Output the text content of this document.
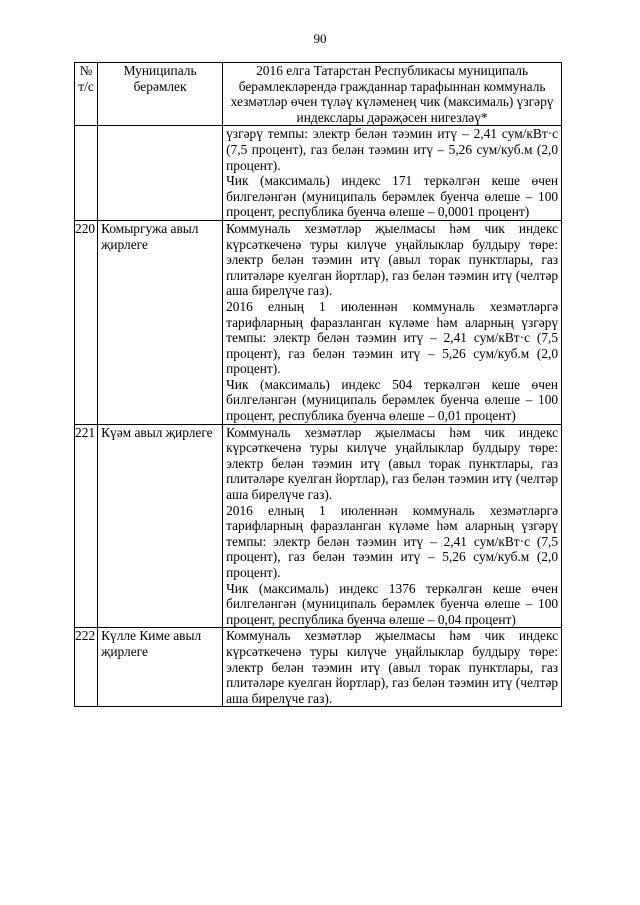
90
№ т/с	Муниципаль берәмлек	2016 елга Татарстан Республикасы муниципаль берәмлекләрендә гражданнар тарафыннан коммуналь хезмәтләр өчен түләү күләменең чик (максималь) үзгәрү индекслары дәрәҗәсен нигезләү*

		үзгәрү темпы: электр белән тәэмин итү – 2,41 сум/кВт·с (7,5 процент), газ белән тәэмин итү – 5,26 сум/куб.м (2,0 процент).

Чик (максималь) индекс 171 теркәлгән кеше өчен билгеләнгән (муниципаль берәмлек буенча өлеше – 100 процент, республика буенча өлеше – 0,0001 процент)

220	Комыргужа авыл җирлеге	Коммуналь хезмәтләр җыелмасы һәм чик индекс күрсәткеченә туры килүче уңайлыклар булдыру төре: электр белән тәэмин итү (авыл торак пунктлары, газ плитәләре куелган йортлар), газ белән тәэмин итү (челтәр аша бирелүче газ).

2016 елның 1 июленнән коммуналь хезмәтләргә тарифларның фаразланган күләме һәм аларның үзгәрү темпы: электр белән тәэмин итү – 2,41 сум/кВт·с (7,5 процент), газ белән тәэмин итү – 5,26 сум/куб.м (2,0 процент).

Чик (максималь) индекс 504 теркәлгән кеше өчен билгеләнгән (муниципаль берәмлек буенча өлеше – 100 процент, республика буенча өлеше – 0,01 процент)

221	Күәм авыл җирлеге	Коммуналь хезмәтләр җыелмасы һәм чик индекс күрсәткеченә туры килүче уңайлыклар булдыру төре: электр белән тәэмин итү (авыл торак пунктлары, газ плитәләре куелган йортлар), газ белән тәэмин итү (челтәр аша бирелүче газ).

2016 елның 1 июленнән коммуналь хезмәтләргә тарифларның фаразланган күләме һәм аларның үзгәрү темпы: электр белән тәэмин итү – 2,41 сум/кВт·с (7,5 процент), газ белән тәэмин итү – 5,26 сум/куб.м (2,0 процент).

Чик (максималь) индекс 1376 теркәлгән кеше өчен билгеләнгән (муниципаль берәмлек буенча өлеше – 100 процент, республика буенча өлеше – 0,04 процент)

222	Күлле Киме авыл җирлеге	Коммуналь хезмәтләр җыелмасы һәм чик индекс күрсәткеченә туры килүче уңайлыклар булдыру төре: электр белән тәэмин итү (авыл торак пунктлары, газ плитәләре куелган йортлар), газ белән тәэмин итү (челтәр аша бирелүче газ).
